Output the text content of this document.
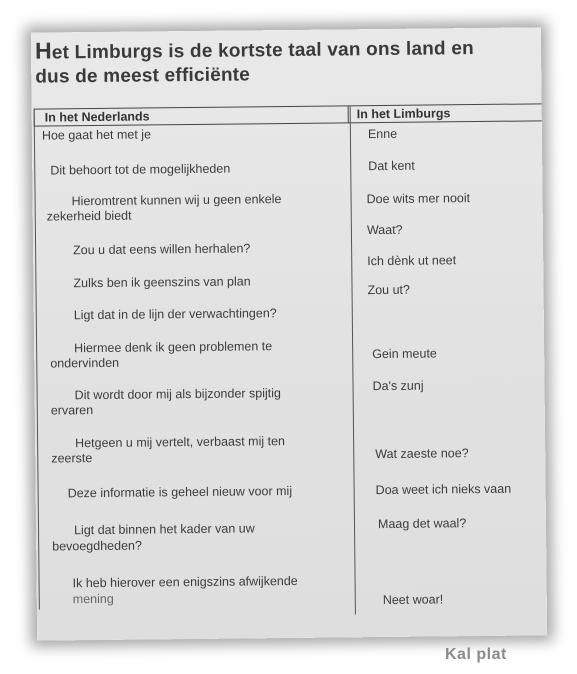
Het Limburgs is de kortste taal van ons land en
dus de meest efficiënte
In het Nederlands	In het Limburgs
Hoe gaat het met je
Dit behoort tot de mogelijkheden
Hieromtrent kunnen wij u geen enkele
zekerheid biedt
Zou u dat eens willen herhalen?
Zulks ben ik geenszins van plan
Ligt dat in de lijn der verwachtingen?
Hiermee denk ik geen problemen te
ondervinden
Dit wordt door mij als bijzonder spijtig
ervaren
Hetgeen u mij vertelt, verbaast mij ten
zeerste
Deze informatie is geheel nieuw voor mij
Ligt dat binnen het kader van uw
bevoegdheden?
Ik heb hierover een enigszins afwijkende
mening
Enne
Dat kent
Doe wits mer nooit
Waat?
Ich dènk ut neet
Zou ut?
Gein meute
Da's zunj
Wat zaeste noe?
Doa weet ich nieks vaan
Maag det waal?
Neet woar!
Kal plat
